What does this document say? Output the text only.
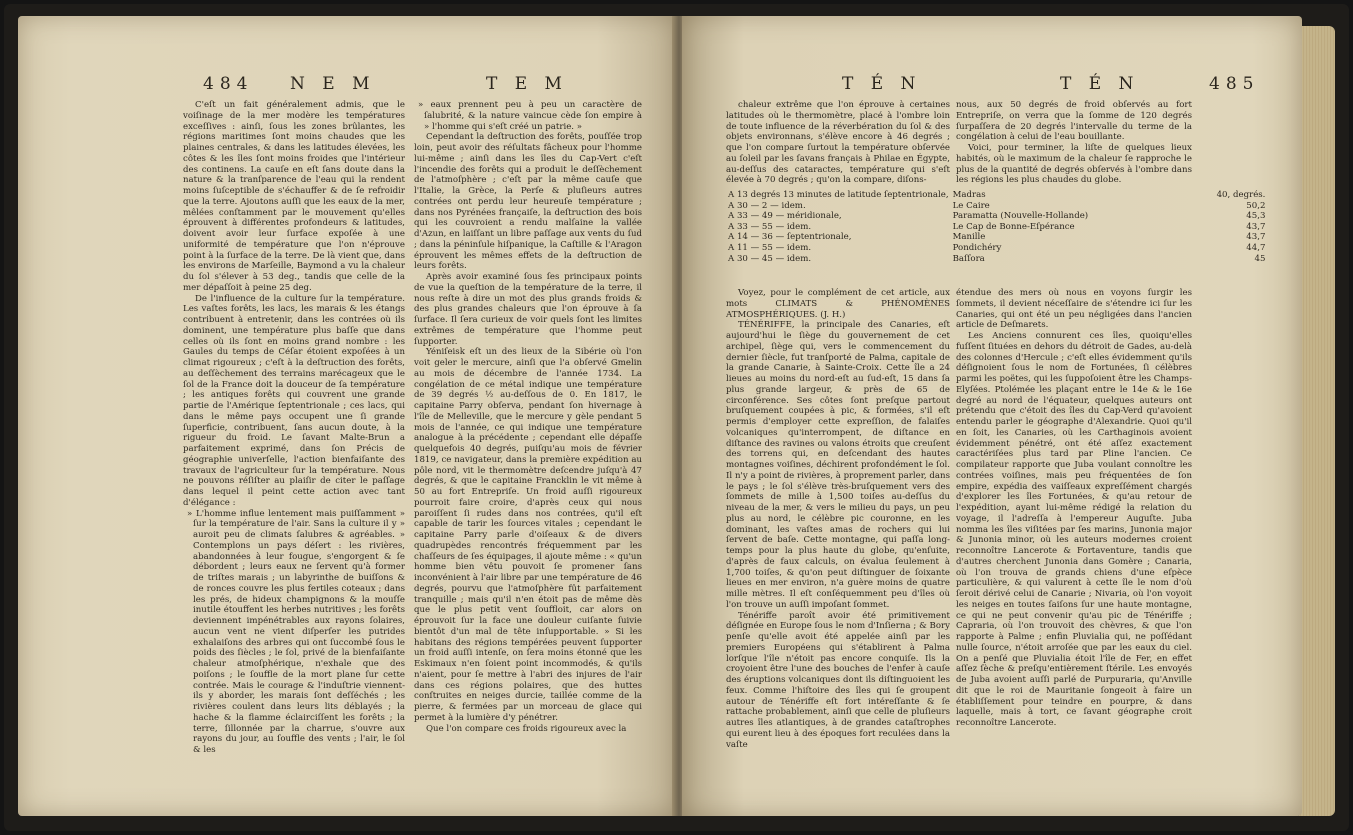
484 N E M	T E M

C'eſt un fait généralement admis, que le voiſinage de la mer modère les températures exceſſives : ainſi, ſous les zones brûlantes, les régions maritimes ſont moins chaudes que les plaines centrales, & dans les latitudes élevées, les côtes & les îles ſont moins froides que l'intérieur des continens. La cauſe en eſt ſans doute dans la nature & la tranſparence de l'eau qui la rendent moins ſuſceptible de s'échauffer & de ſe refroidir que la terre. Ajoutons auſſi que les eaux de la mer, mêlées conſtamment par le mouvement qu'elles éprouvent à différentes profondeurs & latitudes, doivent avoir leur ſurface expoſée à une uniformité de température que l'on n'éprouve point à la ſurface de la terre. De là vient que, dans les environs de Marſeille, Baymond a vu la chaleur du ſol s'élever à 53 deg., tandis que celle de la mer dépaſſoit à peine 25 deg.

De l'influence de la culture ſur la température. Les vaſtes forêts, les lacs, les marais & les étangs contribuent à entretenir, dans les contrées où ils dominent, une température plus baſſe que dans celles où ils ſont en moins grand nombre : les Gaules du temps de Céſar étoient expoſées à un climat rigoureux ; c'eſt à la deſtruction des forêts, au deſſèchement des terrains marécageux que le ſol de la France doit la douceur de ſa température ; les antiques forêts qui couvrent une grande partie de l'Amérique ſeptentrionale ; ces lacs, qui dans le même pays occupent une ſi grande ſuperficie, contribuent, ſans aucun doute, à la rigueur du froid. Le ſavant Malte-Brun a parfaitement exprimé, dans ſon Précis de géographie univerſelle, l'action bienfaiſante des travaux de l'agriculteur ſur la température. Nous ne pouvons réſiſter au plaiſir de citer le paſſage dans lequel il peint cette action avec tant d'élégance :

» L'homme influe lentement mais puiſſamment » ſur la température de l'air. Sans la culture il y » auroit peu de climats ſalubres & agréables. » Contemplons un pays déſert : les rivières, abandonnées à leur fougue, s'engorgent & ſe débordent ; leurs eaux ne ſervent qu'à former de triſtes marais ; un labyrinthe de buiſſons & de ronces couvre les plus fertiles coteaux ; dans les prés, de hideux champignons & la mouſſe inutile étouffent les herbes nutritives ; les forêts deviennent impénétrables aux rayons ſolaires, aucun vent ne vient diſperſer les putrides exhalaiſons des arbres qui ont ſuccombé ſous le poids des ſiècles ; le ſol, privé de la bienfaiſante chaleur atmoſphérique, n'exhale que des poiſons ; le ſouffle de la mort plane ſur cette contrée. Mais le courage & l'induſtrie viennent-ils y aborder, les marais ſont deſſéchés ; les rivières coulent dans leurs lits déblayés ; la hache & la flamme éclairciſſent les forêts ; la terre, ſillonnée par la charrue, s'ouvre aux rayons du jour, au ſouffle des vents ; l'air, le ſol & les

» eaux prennent peu à peu un caractère de ſalubrité, & la nature vaincue cède ſon empire à » l'homme qui s'eſt créé un patrie. »

Cependant la deſtruction des forêts, pouſſée trop loin, peut avoir des réſultats fâcheux pour l'homme lui-même ; ainſi dans les îles du Cap-Vert c'eſt l'incendie des forêts qui a produit le deſſèchement de l'atmoſphère ; c'eſt par la même cauſe que l'Italie, la Grèce, la Perſe & pluſieurs autres contrées ont perdu leur heureuſe température ; dans nos Pyrénées françaiſe, la deſtruction des bois qui les couvroient a rendu malſaine la vallée d'Azun, en laiſſant un libre paſſage aux vents du ſud ; dans la péninſule hiſpanique, la Caſtille & l'Aragon éprouvent les mêmes effets de la deſtruction de leurs forêts.

Après avoir examiné ſous ſes principaux points de vue la queſtion de la température de la terre, il nous reſte à dire un mot des plus grands froids & des plus grandes chaleurs que l'on éprouve à ſa ſurface. Il ſera curieux de voir quels ſont les limites extrêmes de température que l'homme peut ſupporter.

Yéniſeisk eſt un des lieux de la Sibérie où l'on voit geler le mercure, ainſi que l'a obſervé Gmelin au mois de décembre de l'année 1734. La congélation de ce métal indique une température de 39 degrés ½ au-deſſous de 0. En 1817, le capitaine Parry obſerva, pendant ſon hivernage à l'île de Melleville, que le mercure y gèle pendant 5 mois de l'année, ce qui indique une température analogue à la précédente ; cependant elle dépaſſe quelquefois 40 degrés, puiſqu'au mois de février 1819, ce navigateur, dans la première expédition au pôle nord, vit le thermomètre deſcendre juſqu'à 47 degrés, & que le capitaine Francklin le vit même à 50 au fort Entrepriſe. Un froid auſſi rigoureux pourroit faire croire, d'après ceux qui nous paroiſſent ſi rudes dans nos contrées, qu'il eſt capable de tarir les ſources vitales ; cependant le capitaine Parry parle d'oiſeaux & de divers quadrupèdes rencontrés fréquemment par les chaſſeurs de ſes équipages, il ajoute même : « qu'un homme bien vêtu pouvoit ſe promener ſans inconvénient à l'air libre par une température de 46 degrés, pourvu que l'atmoſphère fût parfaitement tranquille ; mais qu'il n'en étoit pas de même dès que le plus petit vent ſouffloit, car alors on éprouvoit ſur la face une douleur cuiſante ſuivie bientôt d'un mal de tête inſupportable. » Si les habitans des régions tempérées peuvent ſupporter un froid auſſi intenſe, on ſera moins étonné que les Eskimaux n'en ſoient point incommodés, & qu'ils n'aient, pour ſe mettre à l'abri des injures de l'air dans ces régions polaires, que des huttes conſtruites en neiges durcie, taillée comme de la pierre, & fermées par un morceau de glace qui permet à la lumière d'y pénétrer.

Que l'on compare ces froids rigoureux avec la

T É N	T É N	485

chaleur extrême que l'on éprouve à certaines latitudes où le thermomètre, placé à l'ombre loin de toute influence de la réverbération du ſol & des objets environnans, s'élève encore à 46 degrés ; que l'on compare ſurtout la température obſervée au ſoleil par les ſavans français à Philae en Égypte, au-deſſus des cataractes, température qui s'eſt élevée à 70 degrés ; qu'on la compare, diſons-

nous, aux 50 degrés de froid obſervés au fort Entrepriſe, on verra que la ſomme de 120 degrés ſurpaſſera de 20 degrés l'intervalle du terme de la congélation à celui de l'eau bouillante.

Voici, pour terminer, la liſte de quelques lieux habités, où le maximum de la chaleur ſe rapproche le plus de la quantité de degrés obſervés à l'ombre dans les régions les plus chaudes du globe.

A 13 degrés 13 minutes de latitude ſeptentrionale,	Madras	40, degrés.
A 30 — 2 — idem.	Le Caire	50,2
A 33 — 49 — méridionale,	Paramatta (Nouvelle-Hollande)	45,3
A 33 — 55 — idem.	Le Cap de Bonne-Eſpérance	43,7
A 14 — 36 — ſeptentrionale,	Manille	43,7
A 11 — 55 — idem.	Pondichéry	44,7
A 30 — 45 — idem.	Baſſora	45

Voyez, pour le complément de cet article, aux mots CLIMATS & PHÉNOMÈNES ATMOSPHÉRIQUES. (J. H.)

TÉNÉRIFFE, la principale des Canaries, eſt aujourd'hui le ſiège du gouvernement de cet archipel, ſiège qui, vers le commencement du dernier ſiècle, fut tranſporté de Palma, capitale de la grande Canarie, à Sainte-Croix. Cette île a 24 lieues au moins du nord-eſt au ſud-eſt, 15 dans ſa plus grande largeur, & près de 65 de circonférence. Ses côtes ſont preſque partout bruſquement coupées à pic, & formées, s'il eſt permis d'employer cette expreſſion, de falaiſes volcaniques qu'interrompent, de diſtance en diſtance des ravines ou valons étroits que creuſent des torrens qui, en deſcendant des hautes montagnes voiſines, déchirent profondément le ſol. Il n'y a point de rivières, à proprement parler, dans le pays ; le ſol s'élève très-bruſquement vers des ſommets de mille à 1,500 toiſes au-deſſus du niveau de la mer, & vers le milieu du pays, un peu plus au nord, le célèbre pic couronne, en les dominant, les vaſtes amas de rochers qui lui ſervent de baſe. Cette montagne, qui paſſa long-temps pour la plus haute du globe, qu'enſuite, d'après de faux calculs, on évalua ſeulement à 1,700 toiſes, & qu'on peut diſtinguer de ſoixante lieues en mer environ, n'a guère moins de quatre mille mètres. Il eſt conſéquemment peu d'îles où l'on trouve un auſſi impoſant ſommet.

Ténériffe paroît avoir été primitivement déſignée en Europe ſous le nom d'Inſierna ; & Bory penſe qu'elle avoit été appelée ainſi par les premiers Européens qui s'établirent à Palma lorſque l'île n'étoit pas encore conquiſe. Ils la croyoient être l'une des bouches de l'enfer à cauſe des éruptions volcaniques dont ils diſtinguoient les feux. Comme l'hiſtoire des îles qui ſe groupent autour de Ténériffe eſt fort intéreſſante & ſe rattache probablement, ainſi que celle de pluſieurs autres îles atlantiques, à de grandes cataſtrophes qui eurent lieu à des époques fort reculées dans la vaſte

étendue des mers où nous en voyons ſurgir les ſommets, il devient néceſſaire de s'étendre ici ſur les Canaries, qui ont été un peu négligées dans l'ancien article de Deſmarets.

Les Anciens connurent ces îles, quoiqu'elles fuſſent ſituées en dehors du détroit de Gades, au-delà des colonnes d'Hercule ; c'eſt elles évidemment qu'ils déſignoient ſous le nom de Fortunées, ſi célèbres parmi les poëtes, qui les ſuppoſoient être les Champs-Elyſées. Ptolémée les plaçant entre le 14e & le 16e degré au nord de l'équateur, quelques auteurs ont prétendu que c'étoit des îles du Cap-Verd qu'avoient entendu parler le géographe d'Alexandrie. Quoi qu'il en ſoit, les Canaries, où les Carthaginois avoient évidemment pénétré, ont été aſſez exactement caractériſées plus tard par Pline l'ancien. Ce compilateur rapporte que Juba voulant connoître les contrées voiſines, mais peu fréquentées de ſon empire, expédia des vaiſſeaux expreſſément chargés d'explorer les îles Fortunées, & qu'au retour de l'expédition, ayant lui-même rédigé la relation du voyage, il l'adreſſa à l'empereur Auguſte. Juba nomma les îles viſitées par ſes marins, Junonia major & Junonia minor, où les auteurs modernes croient reconnoître Lancerote & Fortaventure, tandis que d'autres cherchent Junonia dans Gomère ; Canaria, où l'on trouva de grands chiens d'une eſpèce particulière, & qui valurent à cette île le nom d'où ſeroit dérivé celui de Canarie ; Nivaria, où l'on voyoit les neiges en toutes ſaiſons ſur une haute montagne, ce qui ne peut convenir qu'au pic de Ténériffe ; Capraria, où l'on trouvoit des chèvres, & que l'on rapporte à Palme ; enfin Pluvialia qui, ne poſſédant nulle ſource, n'étoit arroſée que par les eaux du ciel. On a penſé que Pluvialia étoit l'île de Fer, en effet aſſez ſèche & preſqu'entièrement ſtérile. Les envoyés de Juba avoient auſſi parlé de Purpuraria, qu'Anville dit que le roi de Mauritanie ſongeoit à faire un établiſſement pour teindre en pourpre, & dans laquelle, mais à tort, ce ſavant géographe croit reconnoître Lancerote.
